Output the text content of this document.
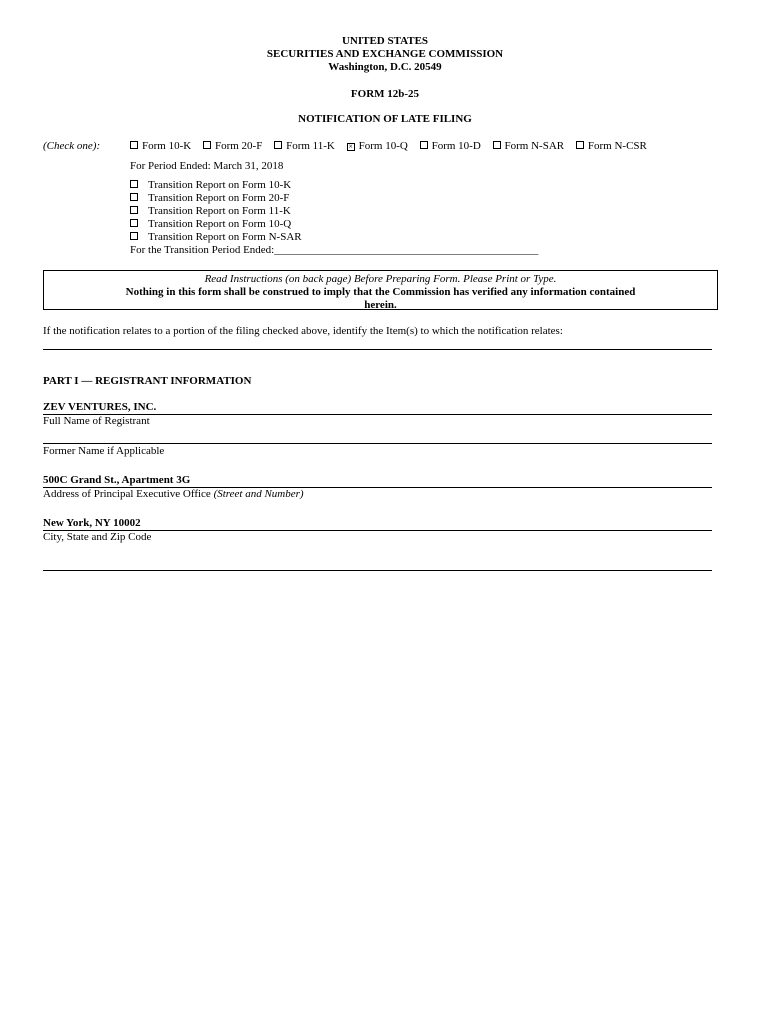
UNITED STATES
SECURITIES AND EXCHANGE COMMISSION
Washington, D.C. 20549
FORM 12b-25
NOTIFICATION OF LATE FILING
(Check one):	Form 10-K Form 20-F Form 11-K × Form 10-Q Form 10-D Form N-SAR Form N-CSR
For Period Ended: March 31, 2018
Transition Report on Form 10-K
Transition Report on Form 20-F
Transition Report on Form 11-K
Transition Report on Form 10-Q
Transition Report on Form N-SAR
For the Transition Period Ended:________________________________________________
Read Instructions (on back page) Before Preparing Form. Please Print or Type.
Nothing in this form shall be construed to imply that the Commission has verified any information contained
herein.
If the notification relates to a portion of the filing checked above, identify the Item(s) to which the notification relates:
PART I — REGISTRANT INFORMATION
ZEV VENTURES, INC.
Full Name of Registrant
Former Name if Applicable
500C Grand St., Apartment 3G
Address of Principal Executive Office (Street and Number)
New York, NY 10002
City, State and Zip Code
